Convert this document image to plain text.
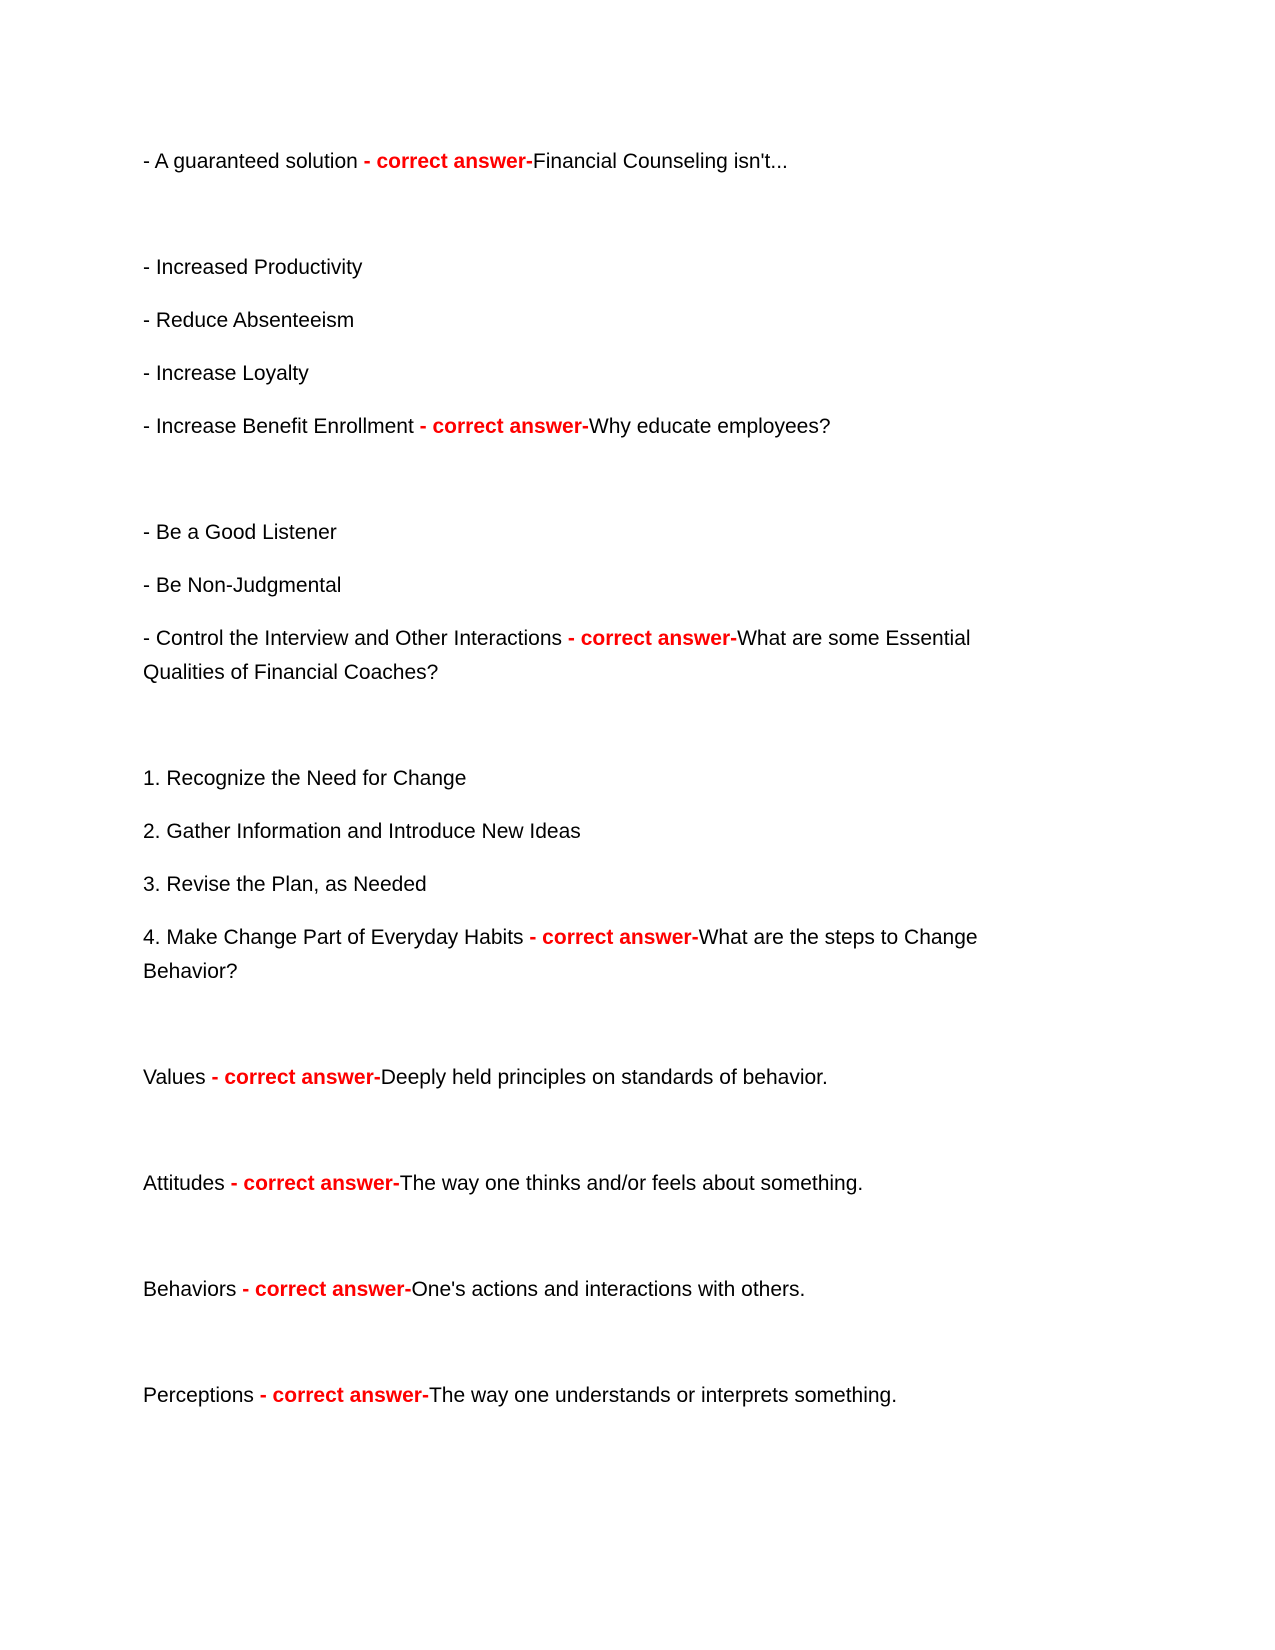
- A guaranteed solution - correct answer-Financial Counseling isn't...

- Increased Productivity

- Reduce Absenteeism

- Increase Loyalty

- Increase Benefit Enrollment - correct answer-Why educate employees?

- Be a Good Listener

- Be Non-Judgmental

- Control the Interview and Other Interactions - correct answer-What are some Essential Qualities of Financial Coaches?

1. Recognize the Need for Change

2. Gather Information and Introduce New Ideas

3. Revise the Plan, as Needed

4. Make Change Part of Everyday Habits - correct answer-What are the steps to Change Behavior?

Values - correct answer-Deeply held principles on standards of behavior.

Attitudes - correct answer-The way one thinks and/or feels about something.

Behaviors - correct answer-One's actions and interactions with others.

Perceptions - correct answer-The way one understands or interprets something.
